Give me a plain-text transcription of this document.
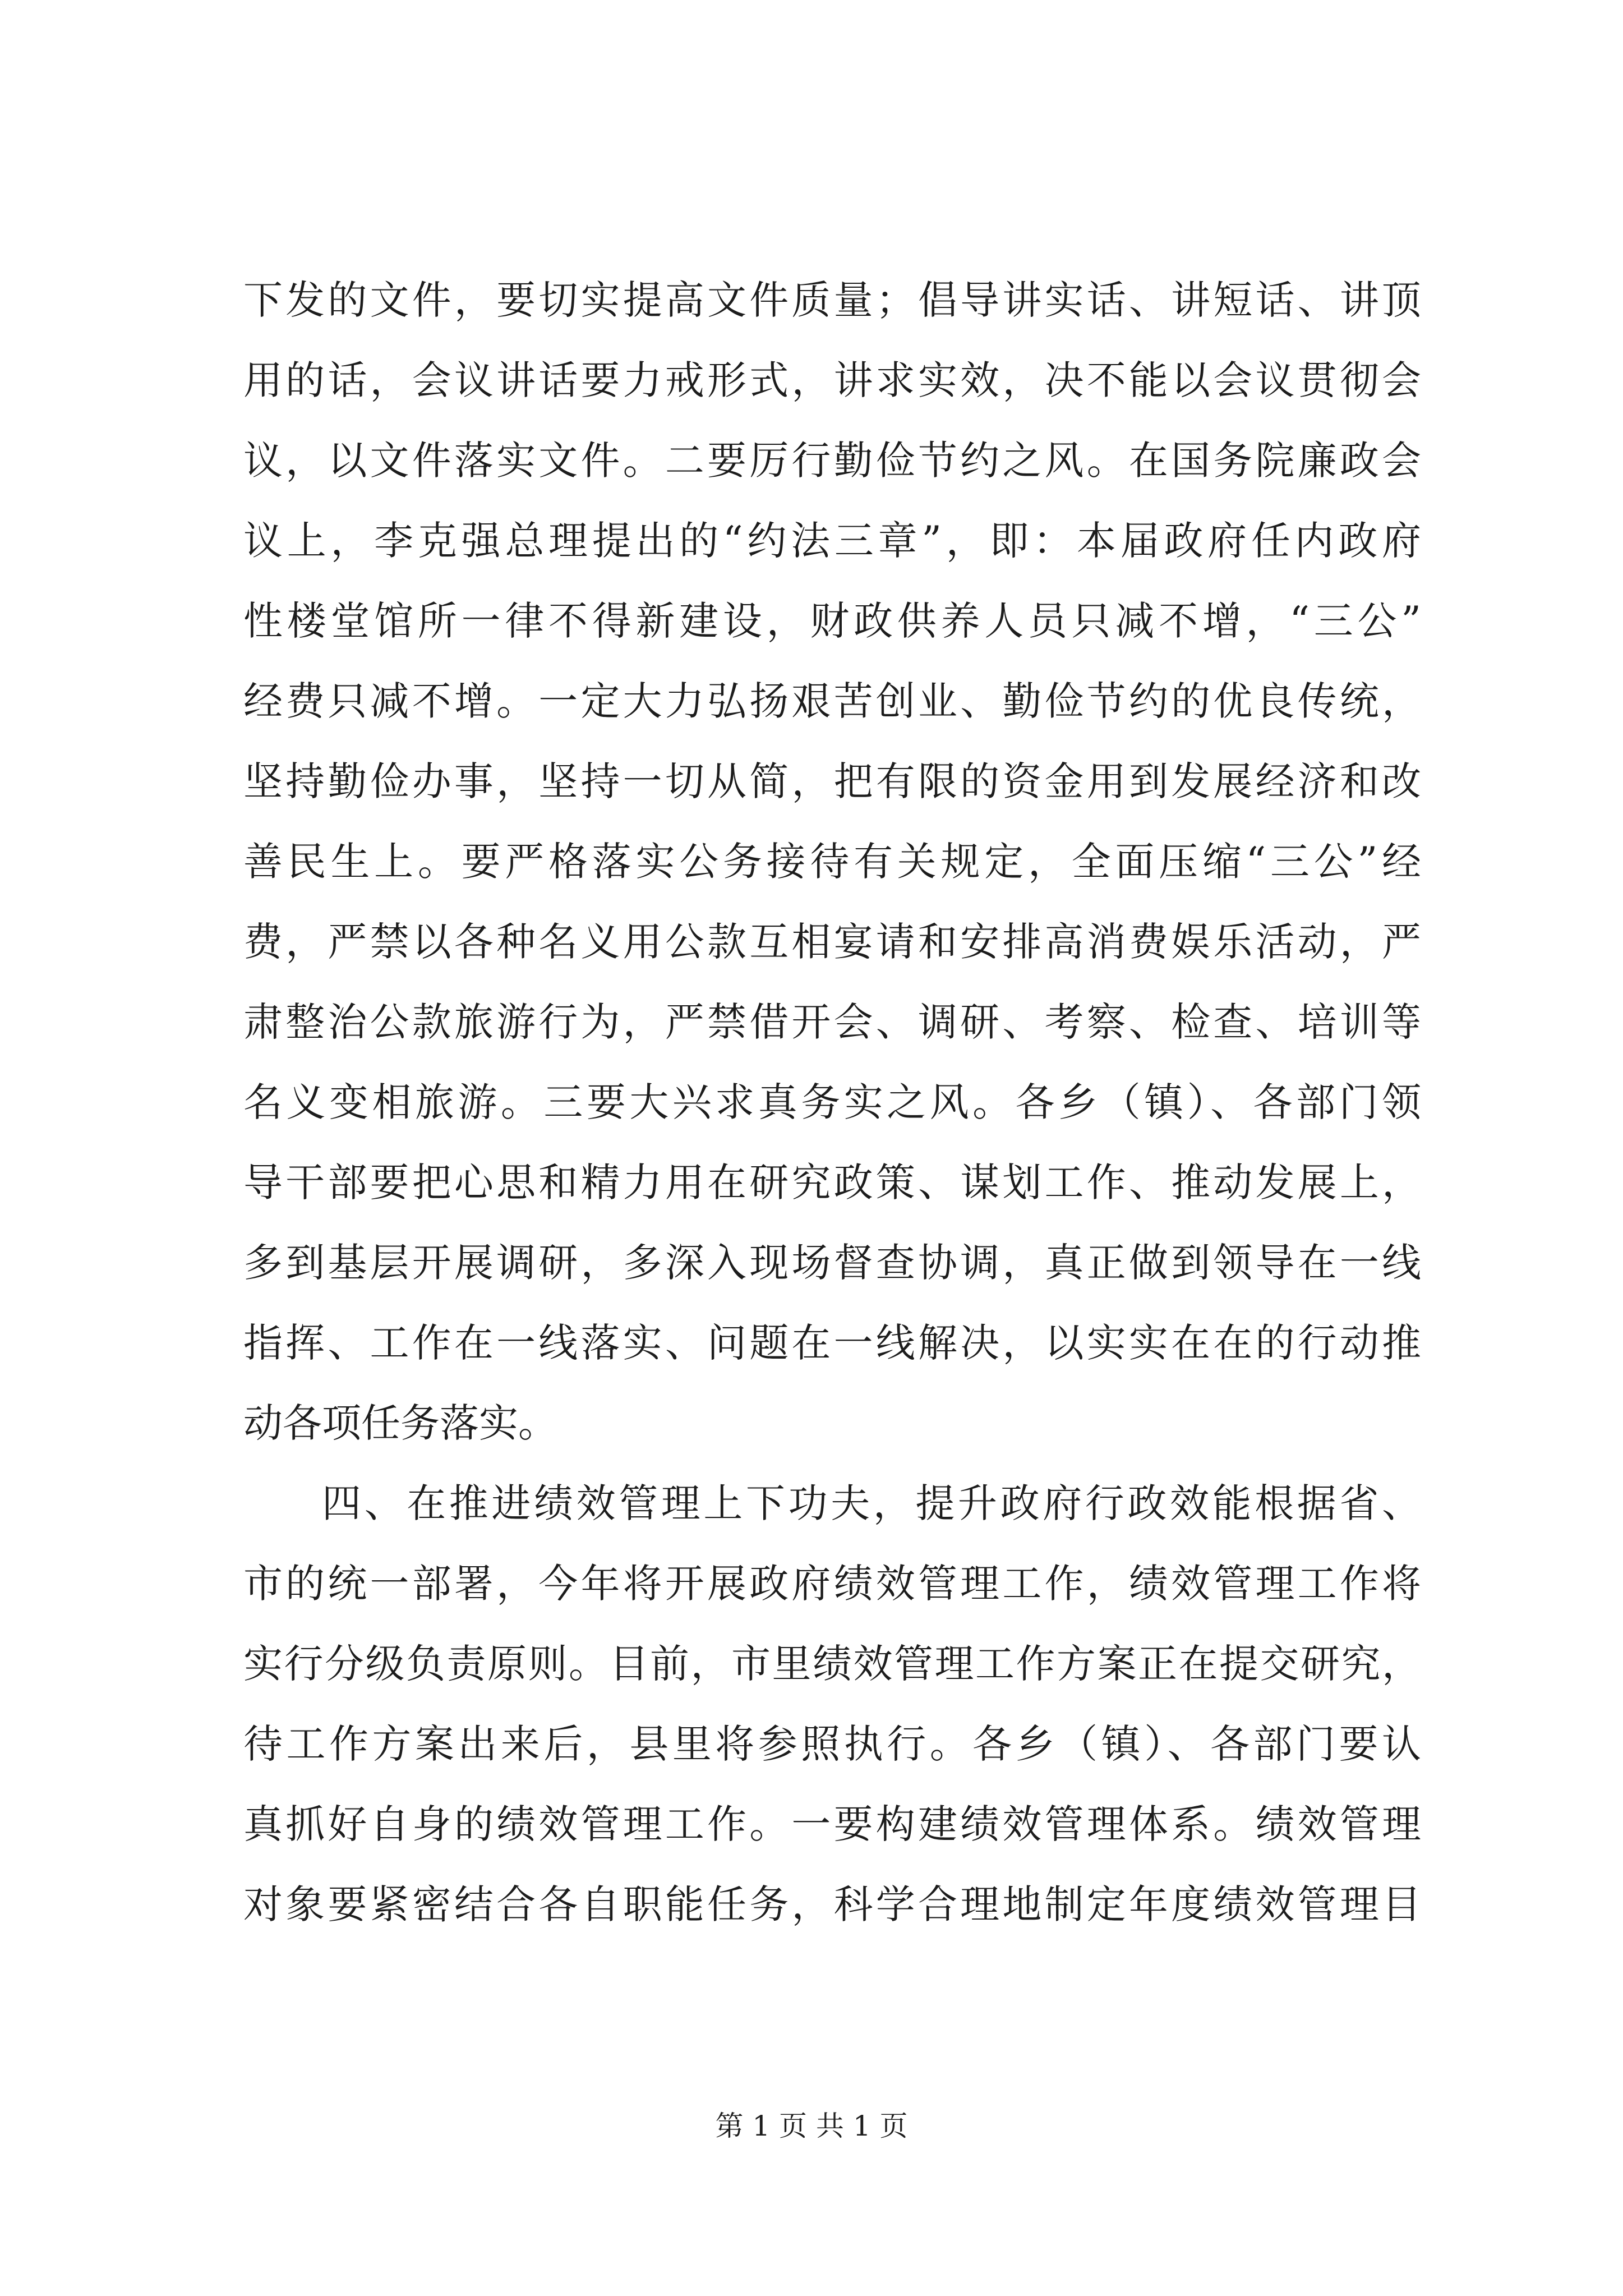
下发的文件，要切实提高文件质量；倡导讲实话、讲短话、讲顶
用的话，会议讲话要力戒形式，讲求实效，决不能以会议贯彻会
议，以文件落实文件。二要厉行勤俭节约之风。在国务院廉政会
议上，李克强总理提出的“约法三章”，即：本届政府任内政府
性楼堂馆所一律不得新建设，财政供养人员只减不增，“三公”
经费只减不增。一定大力弘扬艰苦创业、勤俭节约的优良传统，
坚持勤俭办事，坚持一切从简，把有限的资金用到发展经济和改
善民生上。要严格落实公务接待有关规定，全面压缩“三公”经
费，严禁以各种名义用公款互相宴请和安排高消费娱乐活动，严
肃整治公款旅游行为，严禁借开会、调研、考察、检查、培训等
名义变相旅游。三要大兴求真务实之风。各乡（镇）、各部门领
导干部要把心思和精力用在研究政策、谋划工作、推动发展上，
多到基层开展调研，多深入现场督查协调，真正做到领导在一线
指挥、工作在一线落实、问题在一线解决，以实实在在的行动推
动各项任务落实。
四、在推进绩效管理上下功夫，提升政府行政效能根据省、
市的统一部署，今年将开展政府绩效管理工作，绩效管理工作将
实行分级负责原则。目前，市里绩效管理工作方案正在提交研究，
待工作方案出来后，县里将参照执行。各乡（镇）、各部门要认
真抓好自身的绩效管理工作。一要构建绩效管理体系。绩效管理
对象要紧密结合各自职能任务，科学合理地制定年度绩效管理目
第 1 页 共 1 页
